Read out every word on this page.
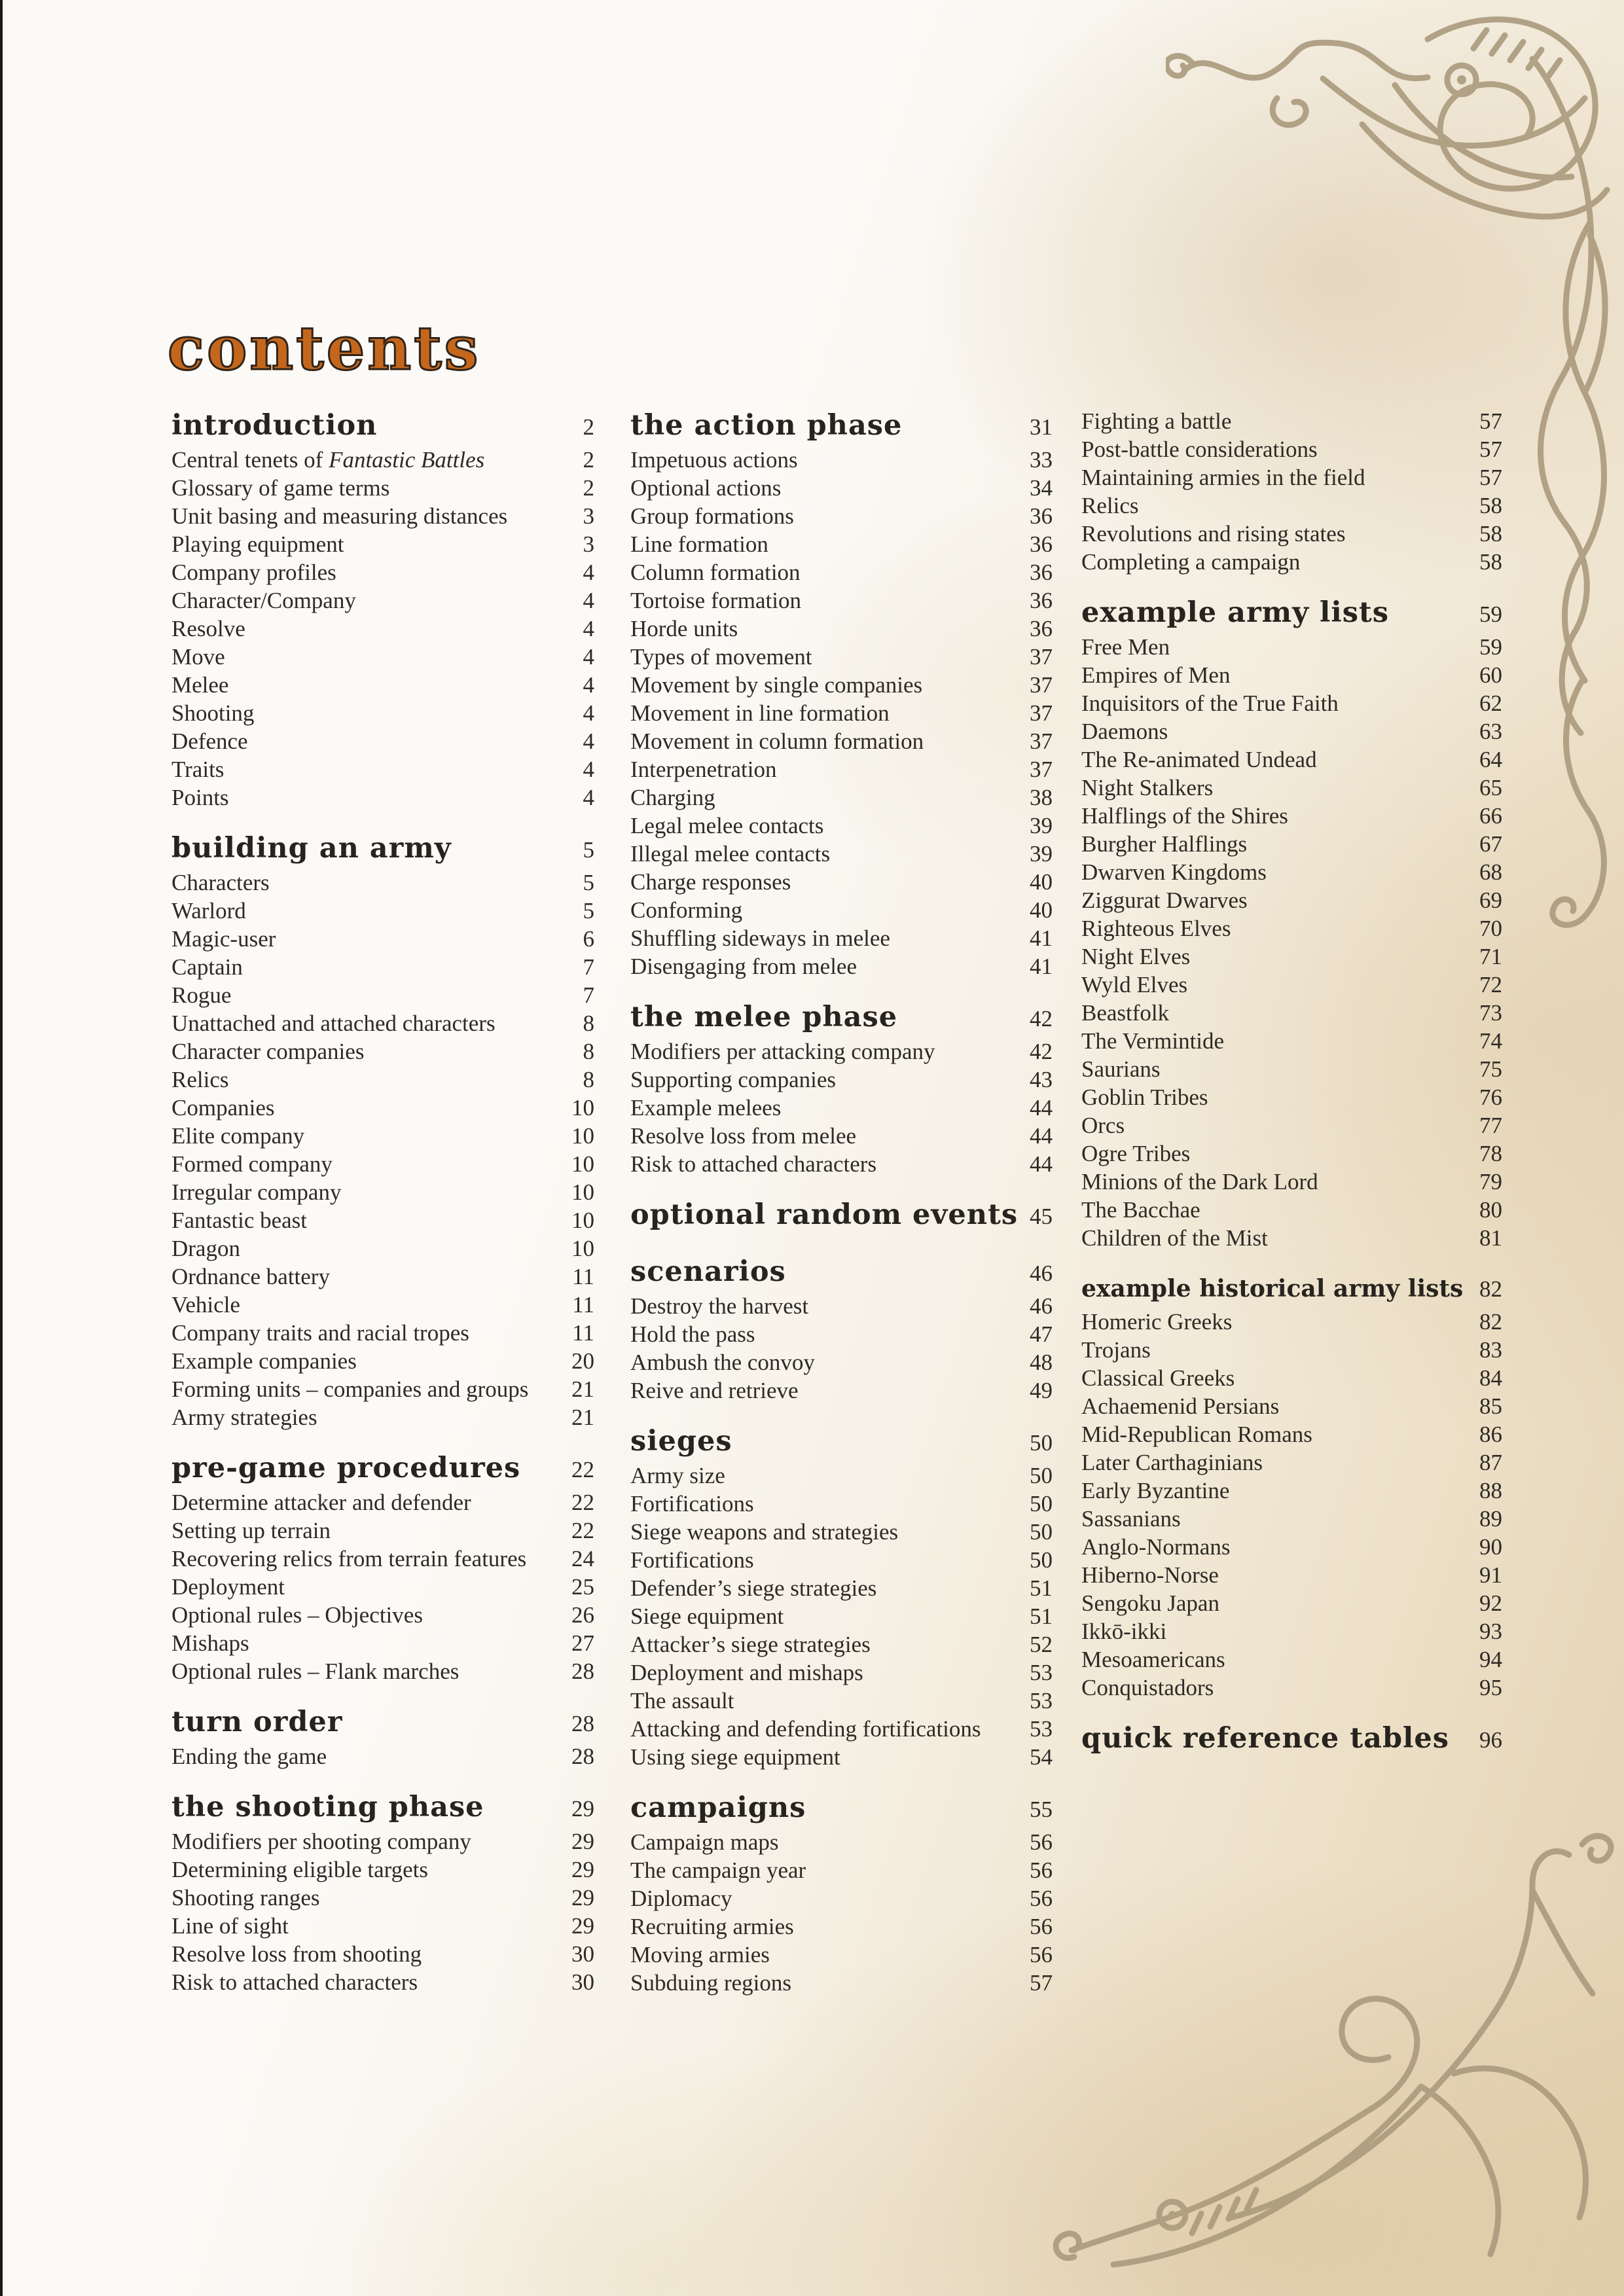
contents
introduction	2
Central tenets of Fantastic Battles	2
Glossary of game terms	2
Unit basing and measuring distances	3
Playing equipment	3
Company profiles	4
Character/Company	4
Resolve	4
Move	4
Melee	4
Shooting	4
Defence	4
Traits	4
Points	4
building an army	5
Characters	5
Warlord	5
Magic-user	6
Captain	7
Rogue	7
Unattached and attached characters	8
Character companies	8
Relics	8
Companies	10
Elite company	10
Formed company	10
Irregular company	10
Fantastic beast	10
Dragon	10
Ordnance battery	11
Vehicle	11
Company traits and racial tropes	11
Example companies	20
Forming units – companies and groups 21
Army strategies	21
pre-game procedures 22
Determine attacker and defender	22
Setting up terrain	22
Recovering relics from terrain features 24
Deployment	25
Optional rules – Objectives	26
Mishaps	27
Optional rules – Flank marches	28
turn order	28
Ending the game	28
the shooting phase	29
Modifiers per shooting company	29
Determining eligible targets	29
Shooting ranges	29
Line of sight	29
Resolve loss from shooting	30
Risk to attached characters	30
the action phase	31
Impetuous actions	33
Optional actions	34
Group formations	36
Line formation	36
Column formation	36
Tortoise formation	36
Horde units	36
Types of movement	37
Movement by single companies	37
Movement in line formation	37
Movement in column formation	37
Interpenetration	37
Charging	38
Legal melee contacts	39
Illegal melee contacts	39
Charge responses	40
Conforming	40
Shuffling sideways in melee	41
Disengaging from melee	41
the melee phase	42
Modifiers per attacking company	42
Supporting companies	43
Example melees	44
Resolve loss from melee	44
Risk to attached characters	44
optional random events 45
scenarios	46
Destroy the harvest	46
Hold the pass	47
Ambush the convoy	48
Reive and retrieve	49
sieges	50
Army size	50
Fortifications	50
Siege weapons and strategies	50
Fortifications	50
Defender’s siege strategies	51
Siege equipment	51
Attacker’s siege strategies	52
Deployment and mishaps	53
The assault	53
Attacking and defending fortifications 53
Using siege equipment	54
campaigns	55
Campaign maps	56
The campaign year	56
Diplomacy	56
Recruiting armies	56
Moving armies	56
Subduing regions	57
Fighting a battle	57
Post-battle considerations	57
Maintaining armies in the field	57
Relics	58
Revolutions and rising states	58
Completing a campaign	58
example army lists	59
Free Men	59
Empires of Men	60
Inquisitors of the True Faith	62
Daemons	63
The Re-animated Undead	64
Night Stalkers	65
Halflings of the Shires	66
Burgher Halflings	67
Dwarven Kingdoms	68
Ziggurat Dwarves	69
Righteous Elves	70
Night Elves	71
Wyld Elves	72
Beastfolk	73
The Vermintide	74
Saurians	75
Goblin Tribes	76
Orcs	77
Ogre Tribes	78
Minions of the Dark Lord	79
The Bacchae	80
Children of the Mist	81
example historical army lists 82
Homeric Greeks	82
Trojans	83
Classical Greeks	84
Achaemenid Persians	85
Mid-Republican Romans	86
Later Carthaginians	87
Early Byzantine	88
Sassanians	89
Anglo-Normans	90
Hiberno-Norse	91
Sengoku Japan	92
Ikkō-ikki	93
Mesoamericans	94
Conquistadors	95
quick reference tables 96
